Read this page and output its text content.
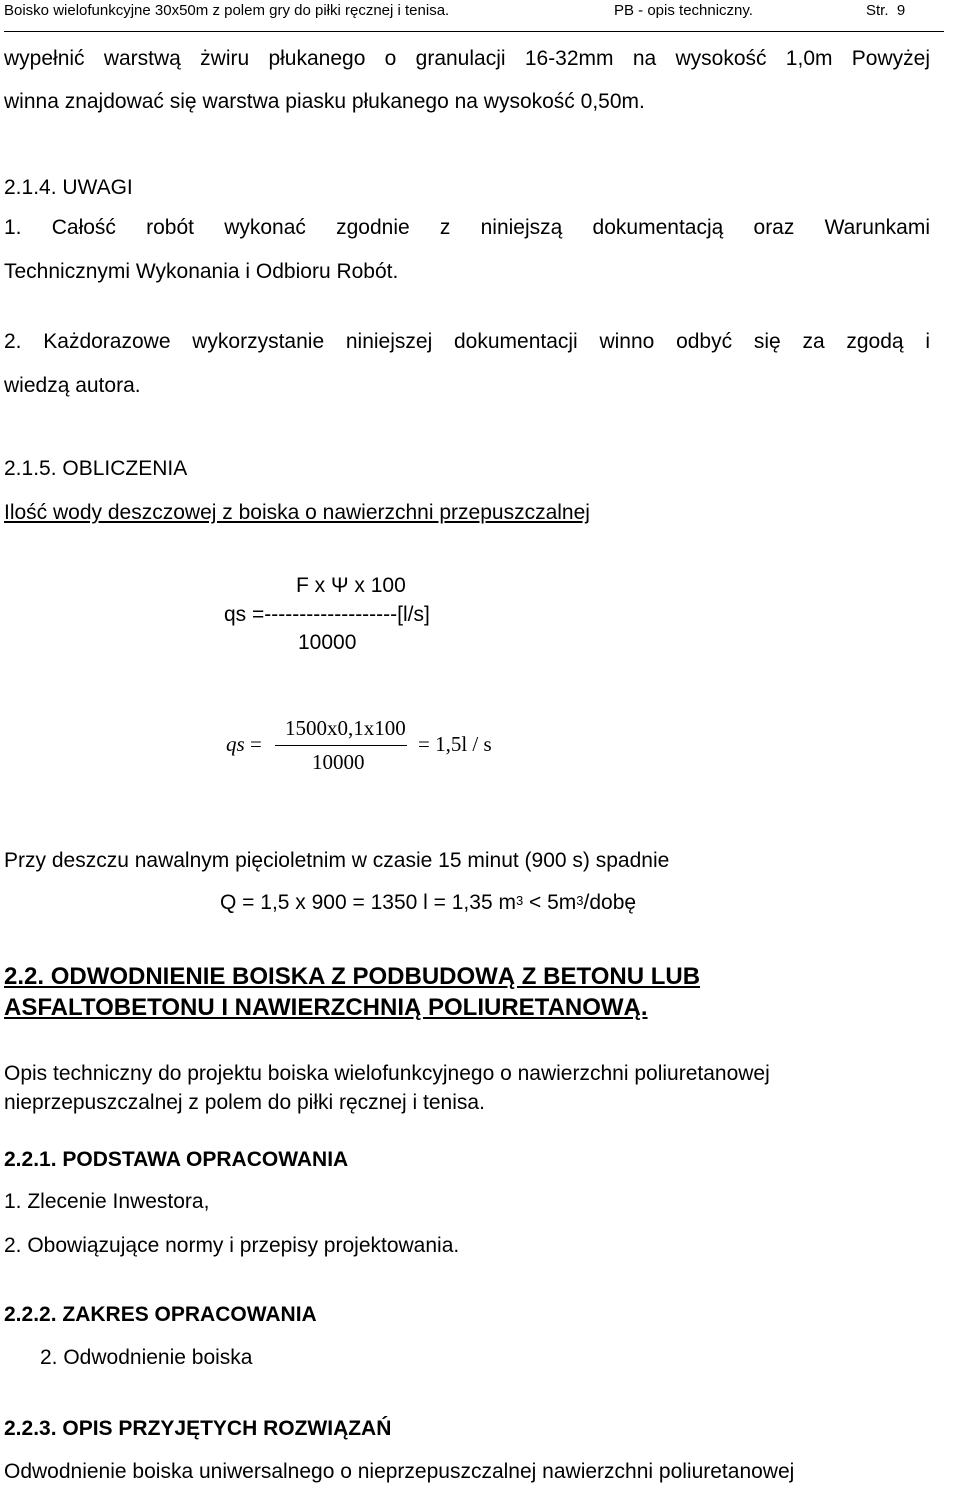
Boisko wielofunkcyjne 30x50m z polem gry do piłki ręcznej i tenisa.	PB - opis techniczny.	Str. 9
wypełnić warstwą żwiru płukanego o granulacji 16-32mm na wysokość 1,0m Powyżej
winna znajdować się warstwa piasku płukanego na wysokość 0,50m.
2.1.4. UWAGI
1. Całość robót wykonać zgodnie z niniejszą dokumentacją oraz Warunkami
Technicznymi Wykonania i Odbioru Robót.
2. Każdorazowe wykorzystanie niniejszej dokumentacji winno odbyć się za zgodą i
wiedzą autora.
2.1.5. OBLICZENIA
Ilość wody deszczowej z boiska o nawierzchni przepuszczalnej
F x Ψ x 100
qs =-------------------[l/s]
10000
qs =
1500x0,1x100
10000
= 1,5l / s
Przy deszczu nawalnym pięcioletnim w czasie 15 minut (900 s) spadnie
Q = 1,5 x 900 = 1350 l = 1,35 $m^3$ < $5m^3$/dobę
2.2. ODWODNIENIE BOISKA Z PODBUDOWĄ Z BETONU LUB
ASFALTOBETONU I NAWIERZCHNIĄ POLIURETANOWĄ.
Opis techniczny do projektu boiska wielofunkcyjnego o nawierzchni poliuretanowej
nieprzepuszczalnej z polem do piłki ręcznej i tenisa.
2.2.1. PODSTAWA OPRACOWANIA
1. Zlecenie Inwestora,
2. Obowiązujące normy i przepisy projektowania.
2.2.2. ZAKRES OPRACOWANIA
2. Odwodnienie boiska
2.2.3. OPIS PRZYJĘTYCH ROZWIĄZAŃ
Odwodnienie boiska uniwersalnego o nieprzepuszczalnej nawierzchni poliuretanowej
